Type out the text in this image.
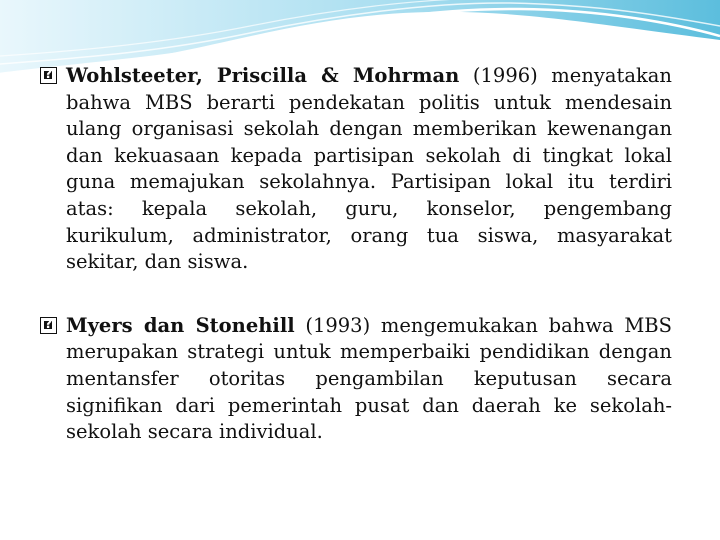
?
Wohlsteeter, Priscilla & Mohrman (1996) menyatakan bahwa MBS berarti pendekatan politis untuk mendesain ulang organisasi sekolah dengan memberikan kewenangan dan kekuasaan kepada partisipan sekolah di tingkat lokal guna memajukan sekolahnya. Partisipan lokal itu terdiri atas: kepala sekolah, guru, konselor, pengembang kurikulum, administrator, orang tua siswa, masyarakat sekitar, dan siswa.

?
Myers dan Stonehill (1993) mengemukakan bahwa MBS merupakan strategi untuk memperbaiki pendidikan dengan mentansfer otoritas pengambilan keputusan secara signifikan dari pemerintah pusat dan daerah ke sekolah-sekolah secara individual.
